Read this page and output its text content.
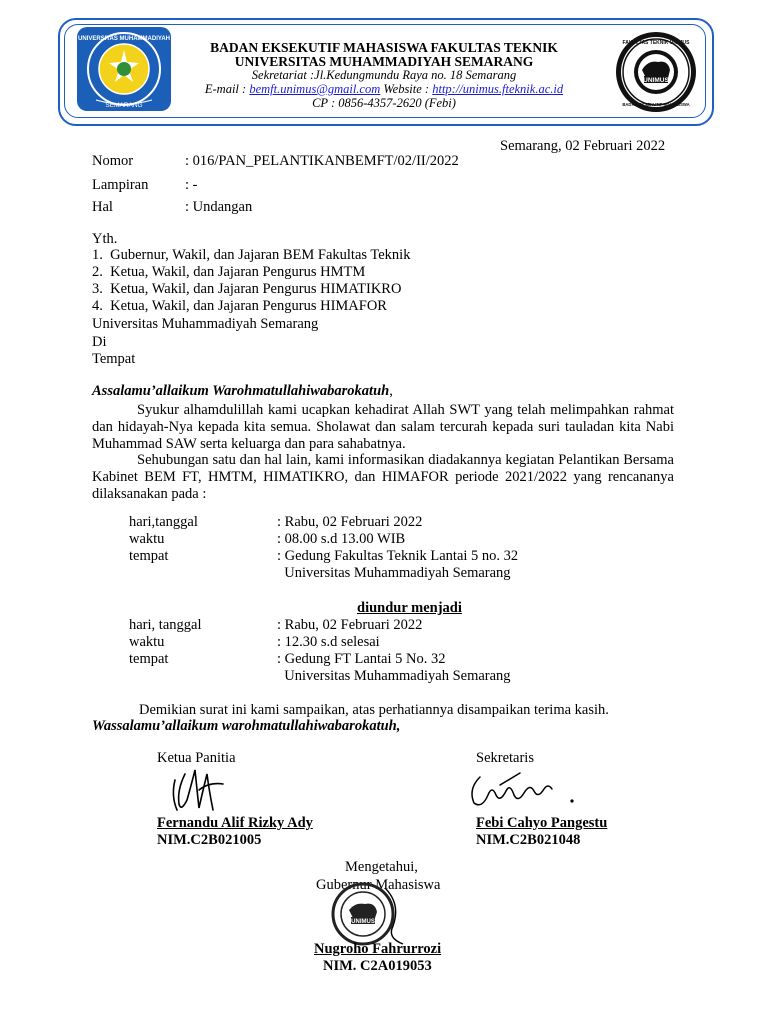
UNIVERSITAS MUHAMMADIYAH
SEMARANG
UNIMUS
FAKULTAS TEKNIK UNIMUS
BADAN EKSEKUTIF MAHASISWA
BADAN EKSEKUTIF MAHASISWA FAKULTAS TEKNIK
UNIVERSITAS MUHAMMADIYAH SEMARANG
Sekretariat :Jl.Kedungmundu Raya no. 18 Semarang
E-mail : bemft.unimus@gmail.com Website : http://unimus.fteknik.ac.id
CP : 0856-4357-2620 (Febi)
Semarang, 02 Februari 2022
Nomor	: 016/PAN_PELANTIKANBEMFT/02/II/2022
Lampiran	: -
Hal	: Undangan
Yth.
1.  Gubernur, Wakil, dan Jajaran BEM Fakultas Teknik
2.  Ketua, Wakil, dan Jajaran Pengurus HMTM
3.  Ketua, Wakil, dan Jajaran Pengurus HIMATIKRO
4.  Ketua, Wakil, dan Jajaran Pengurus HIMAFOR
Universitas Muhammadiyah Semarang
Di
Tempat
Assalamu’allaikum Warohmatullahiwabarokatuh,
Syukur alhamdulillah kami ucapkan kehadirat Allah SWT yang telah melimpahkan rahmat dan hidayah-Nya kepada kita semua. Sholawat dan salam tercurah kepada suri tauladan kita Nabi Muhammad SAW serta keluarga dan para sahabatnya.
Sehubungan satu dan hal lain, kami informasikan diadakannya kegiatan Pelantikan Bersama Kabinet BEM FT, HMTM, HIMATIKRO, dan HIMAFOR periode 2021/2022 yang rencananya dilaksanakan pada :
hari,tanggal	: Rabu, 02 Februari 2022
waktu	: 08.00 s.d 13.00 WIB
tempat	: Gedung Fakultas Teknik Lantai 5 no. 32
Universitas Muhammadiyah Semarang
diundur menjadi
hari, tanggal	: Rabu, 02 Februari 2022
waktu	: 12.30 s.d selesai
tempat	: Gedung FT Lantai 5 No. 32
Universitas Muhammadiyah Semarang
Demikian surat ini kami sampaikan, atas perhatiannya disampaikan terima kasih.
Wassalamu’allaikum warohmatullahiwabarokatuh,
Ketua Panitia
Fernandu Alif Rizky Ady
NIM.C2B021005
Sekretaris
Febi Cahyo Pangestu
NIM.C2B021048
Mengetahui,
Gubernur Mahasiswa
UNIMUS
Nugroho Fahrurrozi
NIM. C2A019053
